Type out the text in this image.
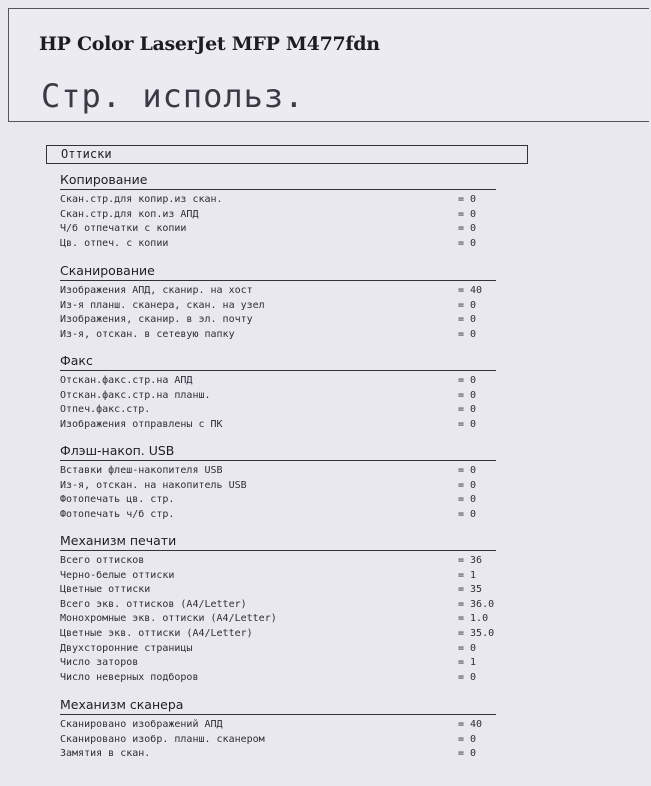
HP Color LaserJet MFP M477fdn
Стр. использ.
Оттиски
Копирование
Скан.стр.для копир.из скан.	= 0
Скан.стр.для коп.из АПД	= 0
Ч/б отпечатки с копии	= 0
Цв. отпеч. с копии	= 0
Сканирование
Изображения АПД, сканир. на хост	= 40
Из-я планш. сканера, скан. на узел	= 0
Изображения, сканир. в эл. почту	= 0
Из-я, отскан. в сетевую папку	= 0
Факс
Отскан.факс.стр.на АПД	= 0
Отскан.факс.стр.на планш.	= 0
Отпеч.факс.стр.	= 0
Изображения отправлены с ПК	= 0
Флэш-накоп. USB
Вставки флеш-накопителя USB	= 0
Из-я, отскан. на накопитель USB	= 0
Фотопечать цв. стр.	= 0
Фотопечать ч/б стр.	= 0
Механизм печати
Всего оттисков	= 36
Черно-белые оттиски	= 1
Цветные оттиски	= 35
Всего экв. оттисков (A4/Letter)	= 36.0
Монохромные экв. оттиски (A4/Letter)	= 1.0
Цветные экв. оттиски (A4/Letter)	= 35.0
Двухсторонние страницы	= 0
Число заторов	= 1
Число неверных подборов	= 0
Механизм сканера
Сканировано изображений АПД	= 40
Сканировано изобр. планш. сканером	= 0
Замятия в скан.	= 0
